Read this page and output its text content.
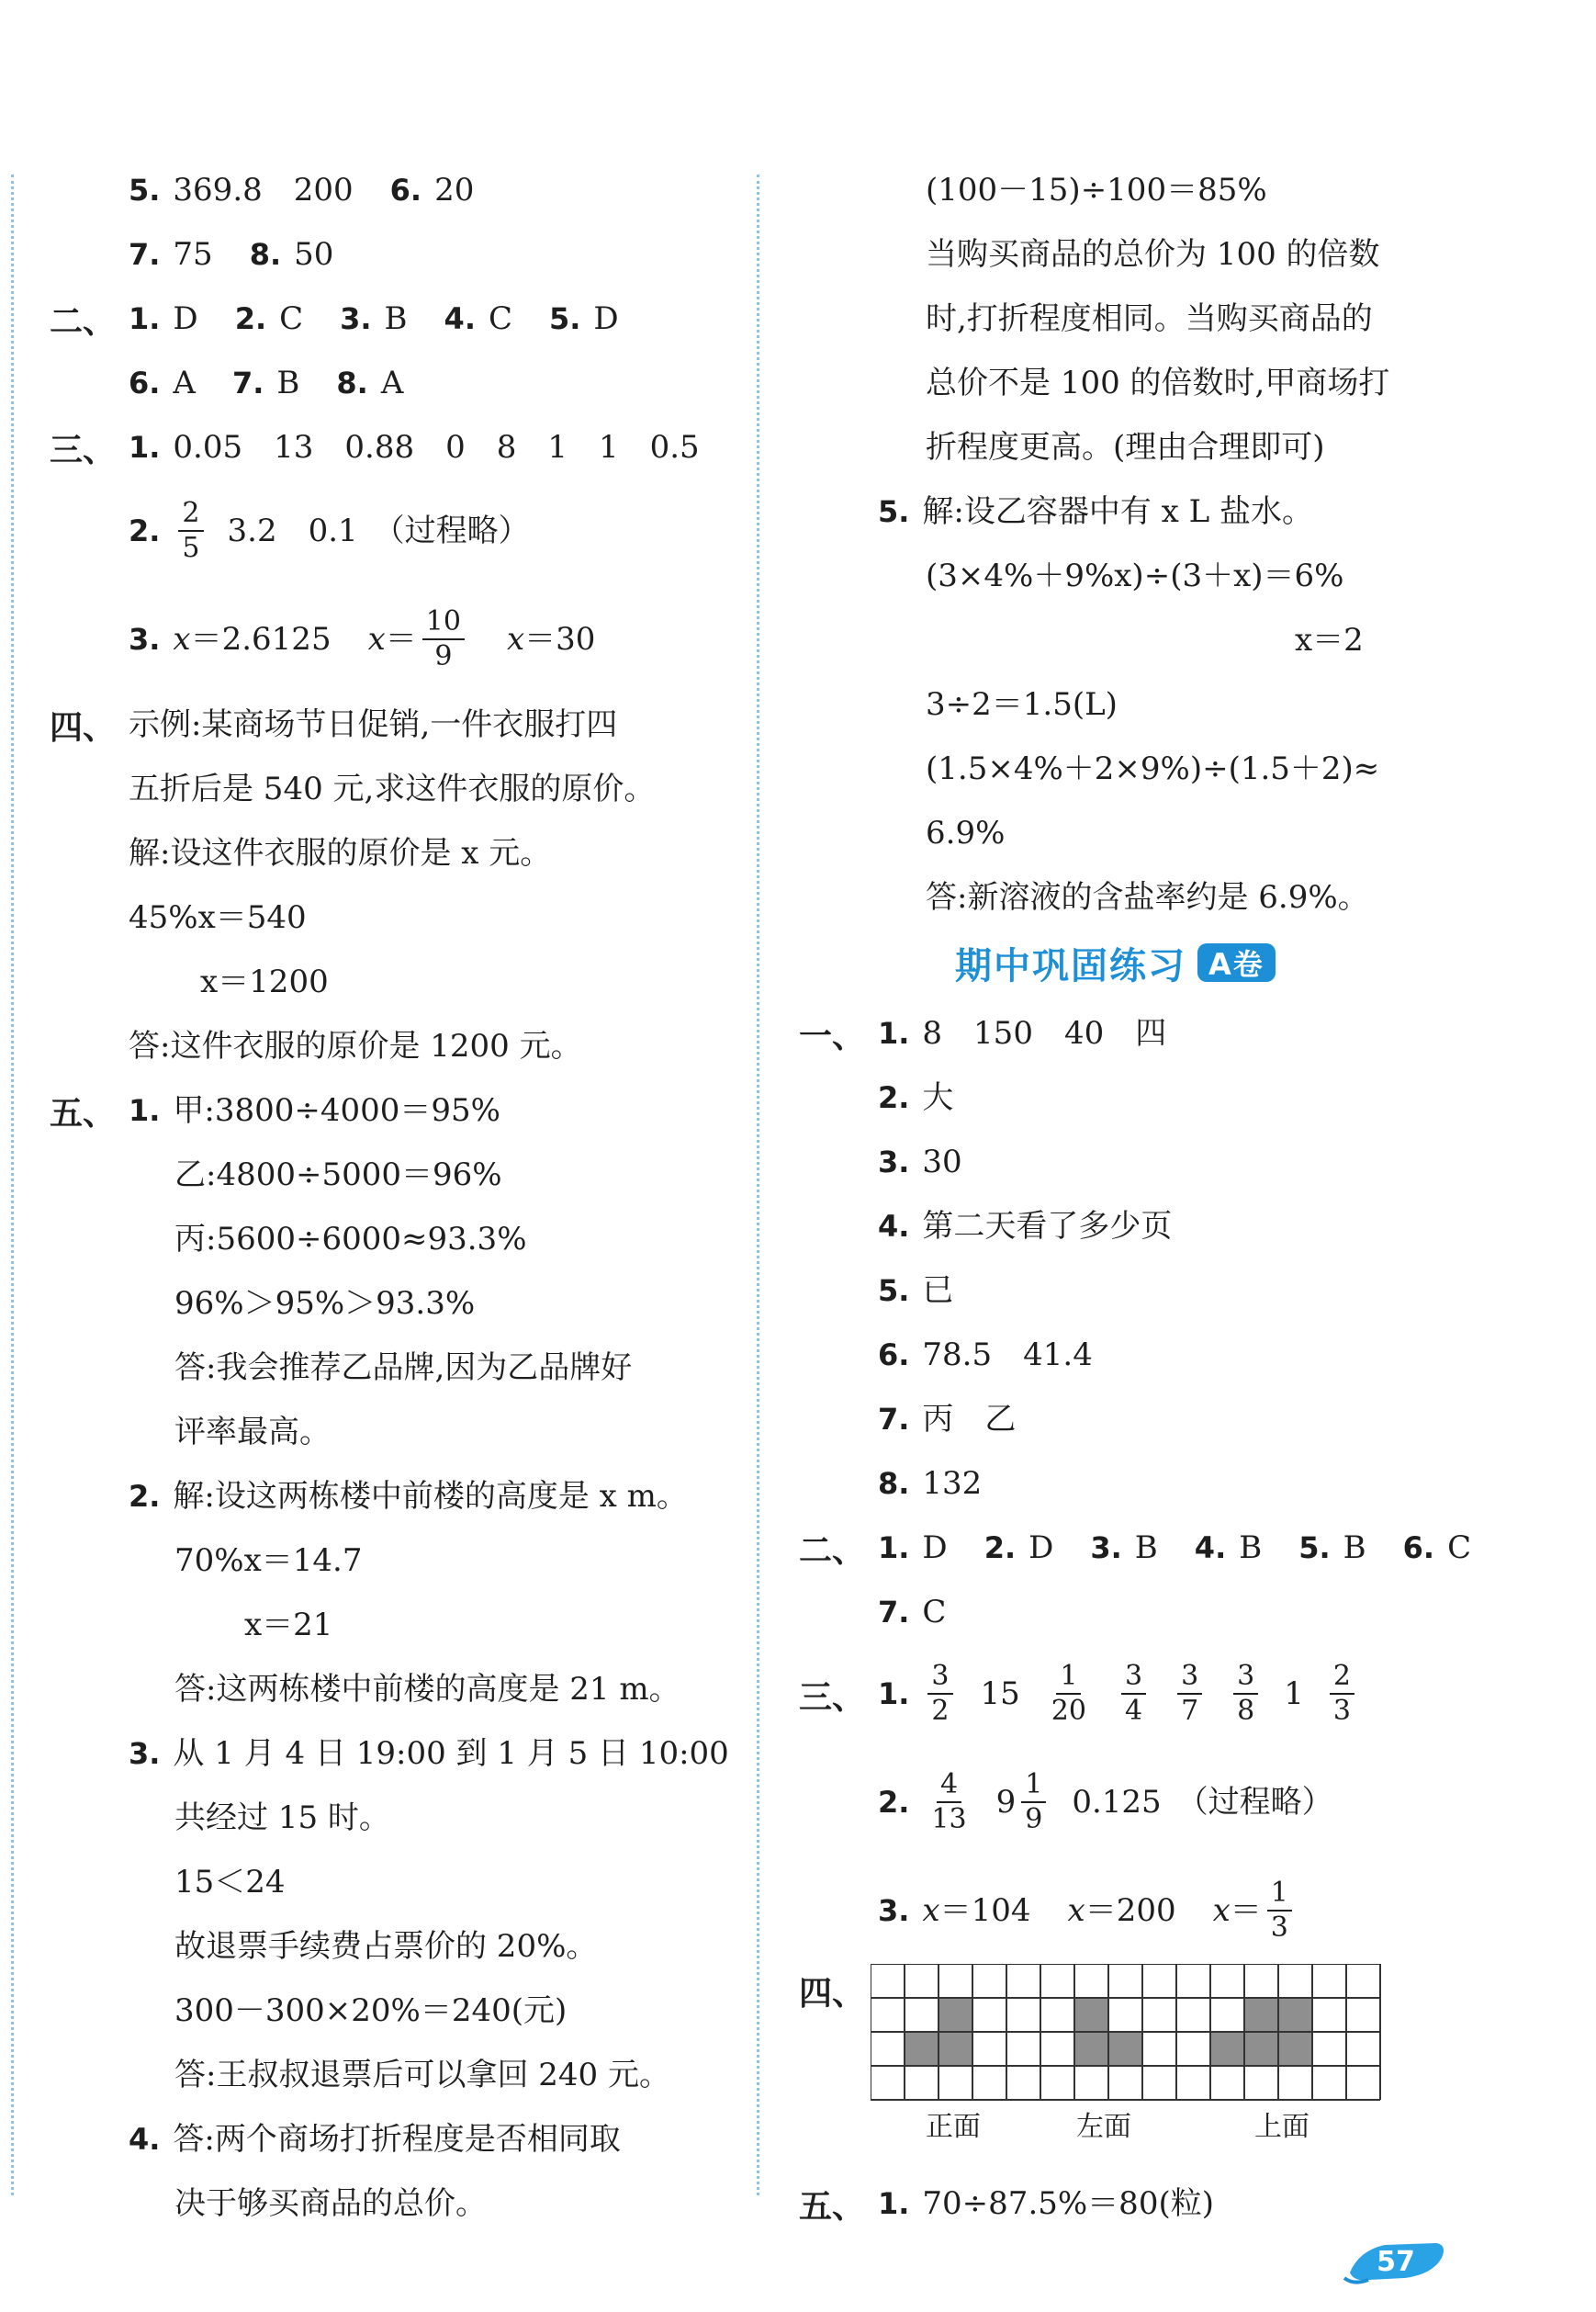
5. 369.8　200 6. 20
7. 75 8. 50
二、 1. D 2. C 3. B 4. C 5. D
6. A 7. B 8. A
三、 1. 0.05　13　0.88　0　8　1　1　0.5
2. $\frac{2}{5} 3.2$　0.1　（过程略）
3. x ＝2.6125 $x = \frac{10}{9}$ x ＝30
四、 示例:某商场节日促销,一件衣服打四
五折后是 540 元,求这件衣服的原价。
解:设这件衣服的原价是 x 元。
45%x＝540
x＝1200
答:这件衣服的原价是 1200 元。
五、 1. 甲:3800÷4000＝95%
乙:4800÷5000＝96%
丙:5600÷6000≈93.3%
96%＞95%＞93.3%
答:我会推荐乙品牌,因为乙品牌好
评率最高。
2. 解:设这两栋楼中前楼的高度是 x m。
70%x＝14.7
x＝21
答:这两栋楼中前楼的高度是 21 m。
3. 从 1 月 4 日 19:00 到 1 月 5 日 10:00
共经过 15 时。
15＜24
故退票手续费占票价的 20%。
300－300×20%＝240(元)
答:王叔叔退票后可以拿回 240 元。
4. 答:两个商场打折程度是否相同取
决于够买商品的总价。
(100－15)÷100＝85%
当购买商品的总价为 100 的倍数
时,打折程度相同。当购买商品的
总价不是 100 的倍数时,甲商场打
折程度更高。(理由合理即可)
5. 解:设乙容器中有 x L 盐水。
(3×4%＋9%x)÷(3＋x)＝6%
x＝2
3÷2＝1.5(L)
(1.5×4%＋2×9%)÷(1.5＋2)≈
6.9%
答:新溶液的含盐率约是 6.9%。
期中巩固练习 A卷
一、 1. 8　150　40　四
2. 大
3. 30
4. 第二天看了多少页
5. 已
6. 78.5　41.4
7. 丙　乙
8. 132
二、 1. D 2. D 3. B 4. B 5. B 6. C
7. C
三、 1. $\frac{3}{2} 15 \frac{1}{20} \frac{3}{4} \frac{3}{7} \frac{3}{8} 1 \frac{2}{3}$
2. $\frac{4}{13} 9 \frac{1}{9} 0.125$　（过程略）
3. x ＝104 x ＝200 $x = \frac{1}{3}$
四、
正面	左面	上面
五、 1. 70÷87.5%＝80(粒)
57
